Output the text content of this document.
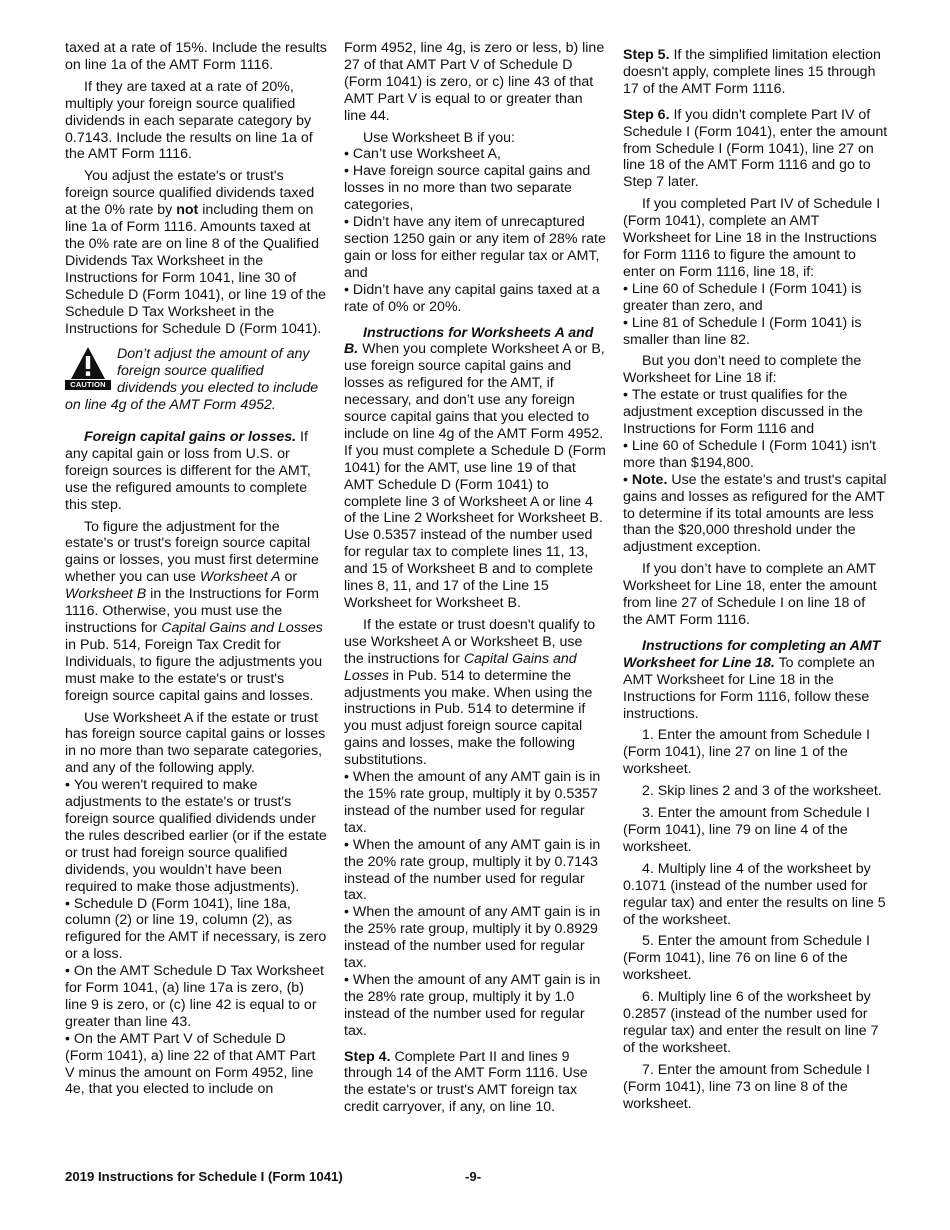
taxed at a rate of 15%. Include the results on line 1a of the AMT Form 1116.

If they are taxed at a rate of 20%, multiply your foreign source qualified dividends in each separate category by 0.7143. Include the results on line 1a of the AMT Form 1116.

You adjust the estate's or trust's foreign source qualified dividends taxed at the 0% rate by not including them on line 1a of Form 1116. Amounts taxed at the 0% rate are on line 8 of the Qualified Dividends Tax Worksheet in the Instructions for Form 1041, line 30 of Schedule D (Form 1041), or line 19 of the Schedule D Tax Worksheet in the Instructions for Schedule D (Form 1041).

CAUTION
Don’t adjust the amount of any foreign source qualified dividends you elected to include on line 4g of the AMT Form 4952.

Foreign capital gains or losses. If any capital gain or loss from U.S. or foreign sources is different for the AMT, use the refigured amounts to complete this step.

To figure the adjustment for the estate's or trust's foreign source capital gains or losses, you must first determine whether you can use Worksheet A or Worksheet B in the Instructions for Form 1116. Otherwise, you must use the instructions for Capital Gains and Losses in Pub. 514, Foreign Tax Credit for Individuals, to figure the adjustments you must make to the estate's or trust's foreign source capital gains and losses.

Use Worksheet A if the estate or trust has foreign source capital gains or losses in no more than two separate categories, and any of the following apply.

• You weren't required to make adjustments to the estate's or trust's foreign source qualified dividends under the rules described earlier (or if the estate or trust had foreign source qualified dividends, you wouldn’t have been required to make those adjustments).

• Schedule D (Form 1041), line 18a, column (2) or line 19, column (2), as refigured for the AMT if necessary, is zero or a loss.

• On the AMT Schedule D Tax Worksheet for Form 1041, (a) line 17a is zero, (b) line 9 is zero, or (c) line 42 is equal to or greater than line 43.

• On the AMT Part V of Schedule D (Form 1041), a) line 22 of that AMT Part V minus the amount on Form 4952, line 4e, that you elected to include on

Form 4952, line 4g, is zero or less, b) line 27 of that AMT Part V of Schedule D (Form 1041) is zero, or c) line 43 of that AMT Part V is equal to or greater than line 44.

Use Worksheet B if you:

• Can’t use Worksheet A,

• Have foreign source capital gains and losses in no more than two separate categories,

• Didn’t have any item of unrecaptured section 1250 gain or any item of 28% rate gain or loss for either regular tax or AMT, and

• Didn’t have any capital gains taxed at a rate of 0% or 20%.

Instructions for Worksheets A and B. When you complete Worksheet A or B, use foreign source capital gains and losses as refigured for the AMT, if necessary, and don’t use any foreign source capital gains that you elected to include on line 4g of the AMT Form 4952. If you must complete a Schedule D (Form 1041) for the AMT, use line 19 of that AMT Schedule D (Form 1041) to complete line 3 of Worksheet A or line 4 of the Line 2 Worksheet for Worksheet B. Use 0.5357 instead of the number used for regular tax to complete lines 11, 13, and 15 of Worksheet B and to complete lines 8, 11, and 17 of the Line 15 Worksheet for Worksheet B.

If the estate or trust doesn't qualify to use Worksheet A or Worksheet B, use the instructions for Capital Gains and Losses in Pub. 514 to determine the adjustments you make. When using the instructions in Pub. 514 to determine if you must adjust foreign source capital gains and losses, make the following substitutions.

• When the amount of any AMT gain is in the 15% rate group, multiply it by 0.5357 instead of the number used for regular tax.

• When the amount of any AMT gain is in the 20% rate group, multiply it by 0.7143 instead of the number used for regular tax.

• When the amount of any AMT gain is in the 25% rate group, multiply it by 0.8929 instead of the number used for regular tax.

• When the amount of any AMT gain is in the 28% rate group, multiply it by 1.0 instead of the number used for regular tax.

Step 4. Complete Part II and lines 9 through 14 of the AMT Form 1116. Use the estate's or trust's AMT foreign tax credit carryover, if any, on line 10.

Step 5. If the simplified limitation election doesn't apply, complete lines 15 through 17 of the AMT Form 1116.

Step 6. If you didn't complete Part IV of Schedule I (Form 1041), enter the amount from Schedule I (Form 1041), line 27 on line 18 of the AMT Form 1116 and go to Step 7 later.

If you completed Part IV of Schedule I (Form 1041), complete an AMT Worksheet for Line 18 in the Instructions for Form 1116 to figure the amount to enter on Form 1116, line 18, if:

• Line 60 of Schedule I (Form 1041) is greater than zero, and

• Line 81 of Schedule I (Form 1041) is smaller than line 82.

But you don’t need to complete the Worksheet for Line 18 if:

• The estate or trust qualifies for the adjustment exception discussed in the Instructions for Form 1116 and

• Line 60 of Schedule I (Form 1041) isn't more than $194,800.

• Note. Use the estate's and trust's capital gains and losses as refigured for the AMT to determine if its total amounts are less than the $20,000 threshold under the adjustment exception.

If you don’t have to complete an AMT Worksheet for Line 18, enter the amount from line 27 of Schedule I on line 18 of the AMT Form 1116.

Instructions for completing an AMT Worksheet for Line 18. To complete an AMT Worksheet for Line 18 in the Instructions for Form 1116, follow these instructions.

1. Enter the amount from Schedule I (Form 1041), line 27 on line 1 of the worksheet.

2. Skip lines 2 and 3 of the worksheet.

3. Enter the amount from Schedule I (Form 1041), line 79 on line 4 of the worksheet.

4. Multiply line 4 of the worksheet by 0.1071 (instead of the number used for regular tax) and enter the results on line 5 of the worksheet.

5. Enter the amount from Schedule I (Form 1041), line 76 on line 6 of the worksheet.

6. Multiply line 6 of the worksheet by 0.2857 (instead of the number used for regular tax) and enter the result on line 7 of the worksheet.

7. Enter the amount from Schedule I (Form 1041), line 73 on line 8 of the worksheet.

2019 Instructions for Schedule I (Form 1041)	-9-
